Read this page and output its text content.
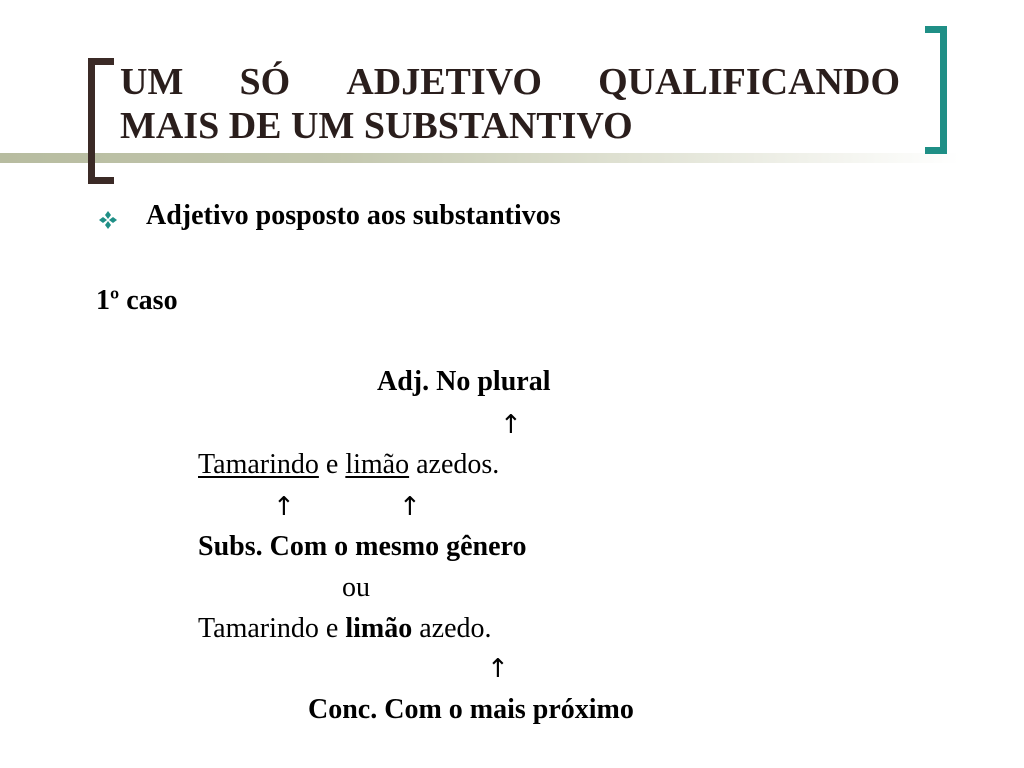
UM SÓ ADJETIVO QUALIFICANDO
MAIS DE UM SUBSTANTIVO
Adjetivo posposto aos substantivos
1º caso
Adj. No plural
↑
Tamarindo e limão azedos.
↑	↑
Subs. Com o mesmo gênero
ou
Tamarindo e limão azedo.
↑
Conc. Com o mais próximo
